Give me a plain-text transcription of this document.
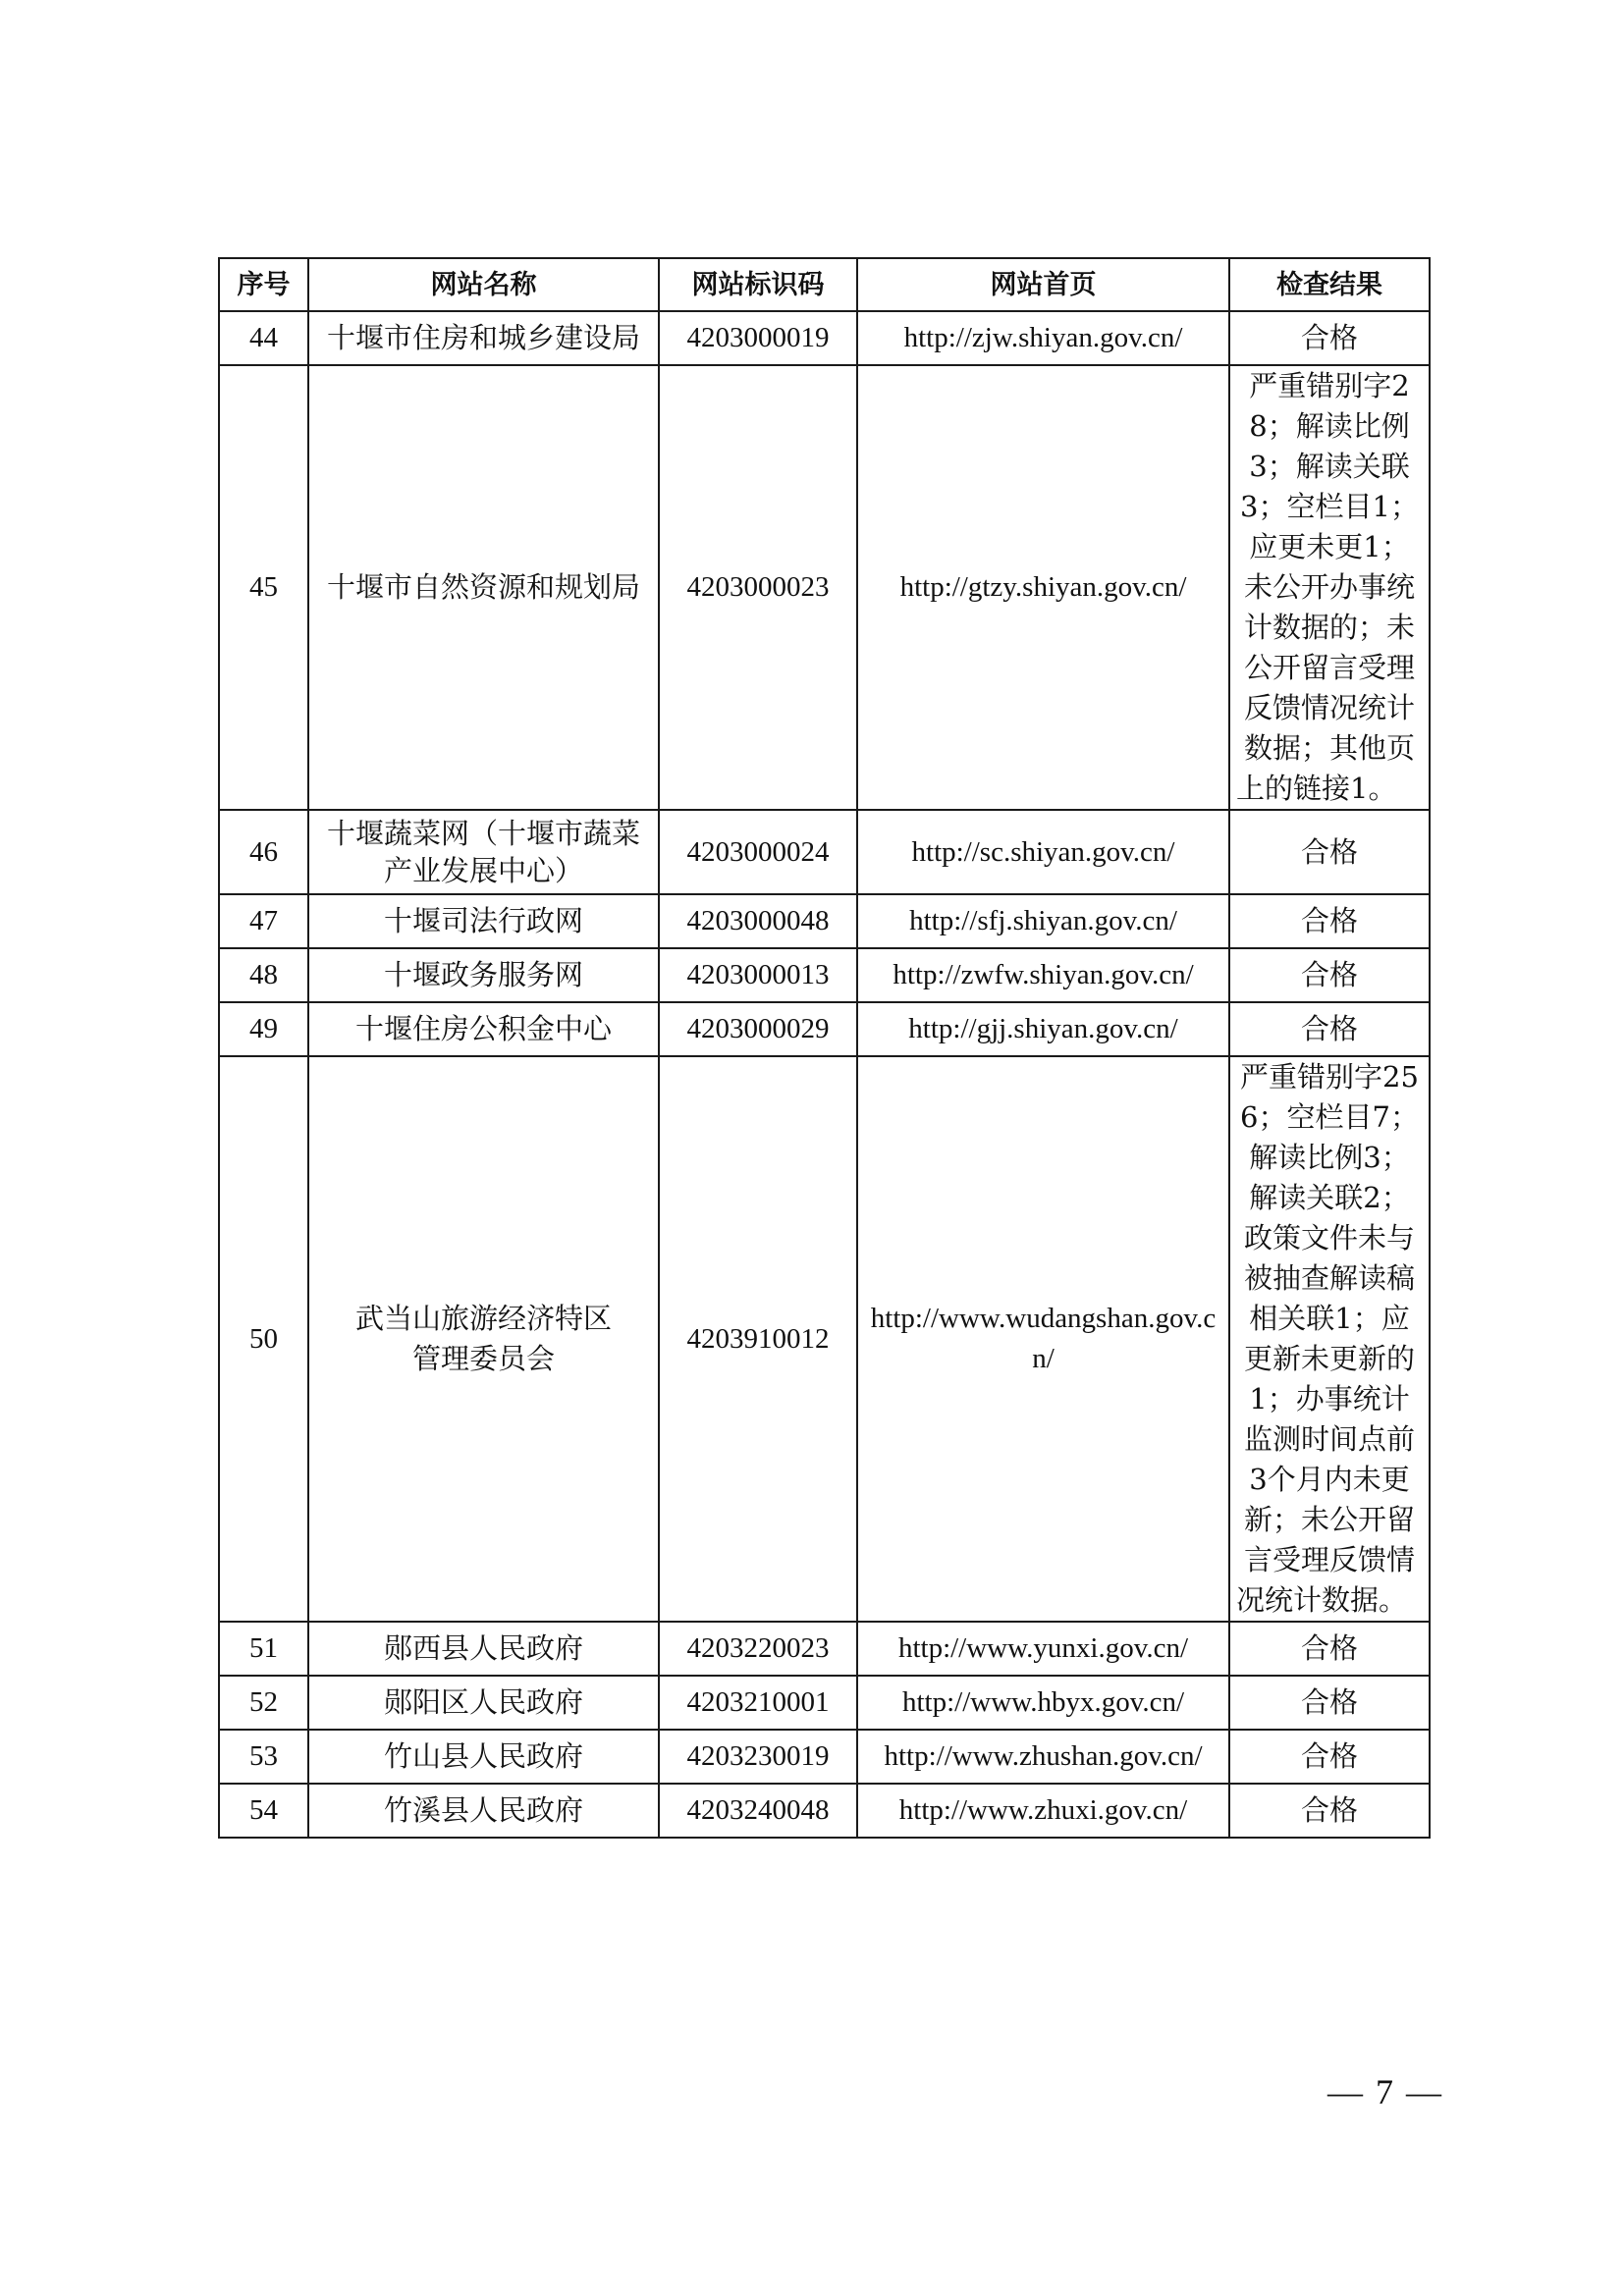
序号	网站名称	网站标识码	网站首页	检查结果
44	十堰市住房和城乡建设局	4203000019	http://zjw.shiyan.gov.cn/	合格
45	十堰市自然资源和规划局	4203000023	http://gtzy.shiyan.gov.cn/	严重错别字28；解读比例3；解读关联3；空栏目1；应更未更1；未公开办事统计数据的；未公开留言受理反馈情况统计数据；其他页上的链接1。
46	十堰蔬菜网（十堰市蔬菜产业发展中心）	4203000024	http://sc.shiyan.gov.cn/	合格
47	十堰司法行政网	4203000048	http://sfj.shiyan.gov.cn/	合格
48	十堰政务服务网	4203000013	http://zwfw.shiyan.gov.cn/	合格
49	十堰住房公积金中心	4203000029	http://gjj.shiyan.gov.cn/	合格
50	武当山旅游经济特区管理委员会	4203910012	http://www.wudangshan.gov.cn/	严重错别字256；空栏目7；解读比例3；解读关联2；政策文件未与被抽查解读稿相关联1；应更新未更新的1；办事统计监测时间点前3个月内未更新；未公开留言受理反馈情况统计数据。
51	郧西县人民政府	4203220023	http://www.yunxi.gov.cn/	合格
52	郧阳区人民政府	4203210001	http://www.hbyx.gov.cn/	合格
53	竹山县人民政府	4203230019	http://www.zhushan.gov.cn/	合格
54	竹溪县人民政府	4203240048	http://www.zhuxi.gov.cn/	合格
— 7 —
